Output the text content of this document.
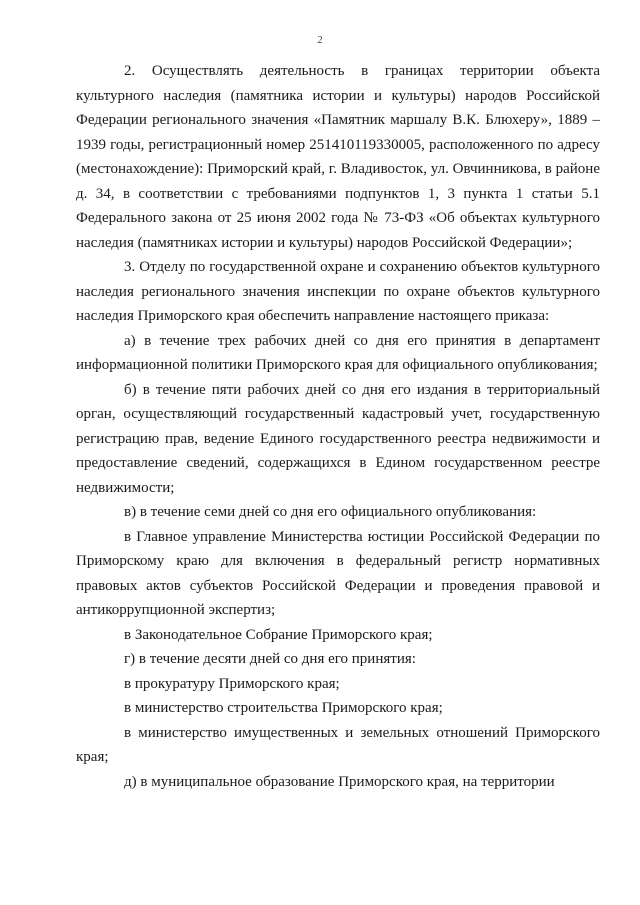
2

2. Осуществлять деятельность в границах территории объекта культурного наследия (памятника истории и культуры) народов Российской Федерации регионального значения «Памятник маршалу В.К. Блюхеру», 1889 – 1939 годы, регистрационный номер 251410119330005, расположенного по адресу (местонахождение): Приморский край, г. Владивосток, ул. Овчинникова, в районе д. 34, в соответствии с требованиями подпунктов 1, 3 пункта 1 статьи 5.1 Федерального закона от 25 июня 2002 года № 73-ФЗ «Об объектах культурного наследия (памятниках истории и культуры) народов Российской Федерации»;

3. Отделу по государственной охране и сохранению объектов культурного наследия регионального значения инспекции по охране объектов культурного наследия Приморского края обеспечить направление настоящего приказа:

а) в течение трех рабочих дней со дня его принятия в департамент информационной политики Приморского края для официального опубликования;

б) в течение пяти рабочих дней со дня его издания в территориальный орган, осуществляющий государственный кадастровый учет, государственную регистрацию прав, ведение Единого государственного реестра недвижимости и предоставление сведений, содержащихся в Едином государственном реестре недвижимости;

в) в течение семи дней со дня его официального опубликования:

в Главное управление Министерства юстиции Российской Федерации по Приморскому краю для включения в федеральный регистр нормативных правовых актов субъектов Российской Федерации и проведения правовой и антикоррупционной экспертиз;

в Законодательное Собрание Приморского края;

г) в течение десяти дней со дня его принятия:

в прокуратуру Приморского края;

в министерство строительства Приморского края;

в министерство имущественных и земельных отношений Приморского края;

д) в муниципальное образование Приморского края, на территории
